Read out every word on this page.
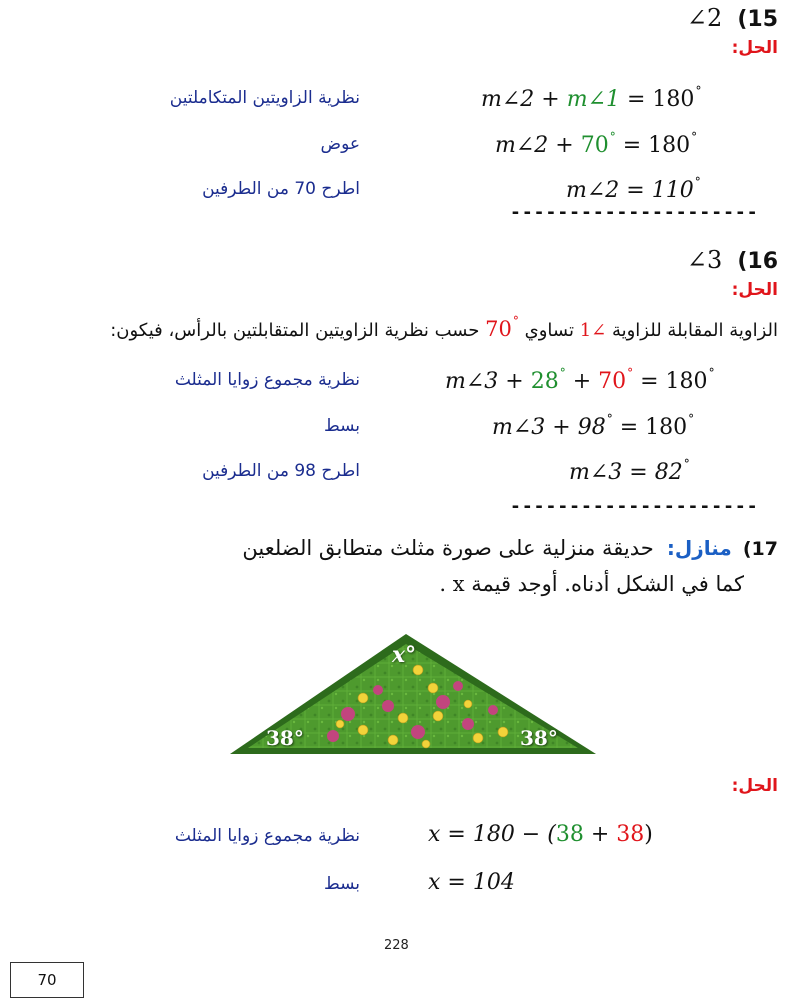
∠2 (15
الحل:
نظرية الزاويتين المتكاملتين
عوض
اطرح 70 من الطرفين
m∠2 + m∠1 = 180°
m∠2 + 70° = 180°
m∠2 = 110°
---------------------
∠3 (16
الحل:
الزاوية المقابلة للزاوية ∠1 تساوي °70 حسب نظرية الزاويتين المتقابلتين بالرأس، فيكون:
نظرية مجموع زوايا المثلث
بسط
اطرح 98 من الطرفين
m∠3 + 28° + 70° = 180°
m∠3 + 98° = 180°
m∠3 = 82°
---------------------
17) منازل: حديقة منزلية على صورة مثلث متطابق الضلعين
كما في الشكل أدناه. أوجد قيمة x .
x°
38°	38°
الحل:
نظرية مجموع زوايا المثلث
بسط
x = 180 − (38 + 38)
x = 104
228
70
